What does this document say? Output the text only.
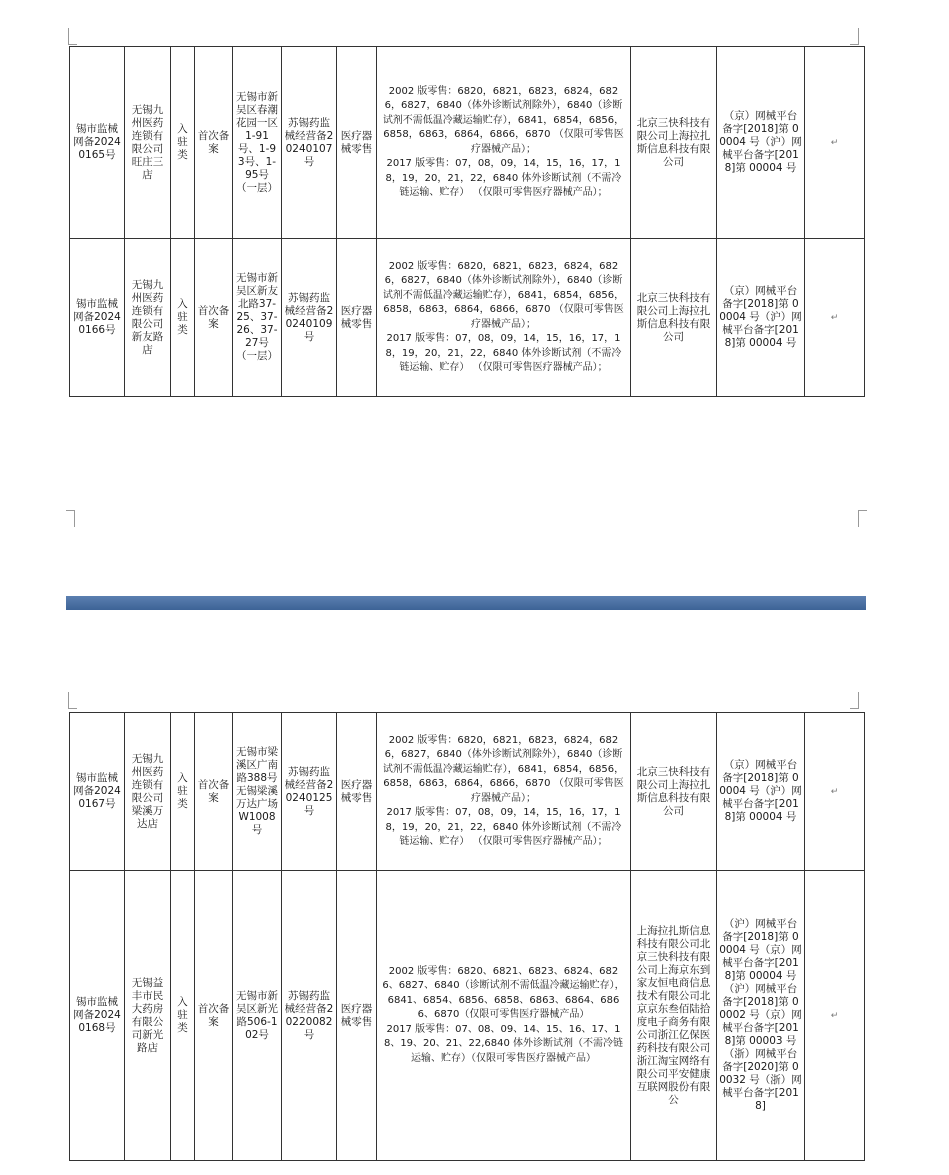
锡市监械网备20240165号	无锡九州医药连锁有限公司旺庄三店	入驻类	首次备案	无锡市新吴区春潮花园一区1-91号、1-93号、1-95号（一层）	苏锡药监械经营备20240107号	医疗器械零售	2002 版零售：6820，6821，6823，6824，6826，6827，6840（体外诊断试剂除外），6840（诊断试剂不需低温冷藏运输贮存），6841，6854，6856，6858，6863，6864，6866，6870 （仅限可零售医疗器械产品）；
2017 版零售：07，08，09，14，15，16，17，18，19，20，21，22，6840 体外诊断试剂（不需冷链运输、贮存） （仅限可零售医疗器械产品）；	北京三快科技有限公司上海拉扎斯信息科技有限公司	（京）网械平台备字[2018]第 00004 号（沪）网械平台备字[2018]第 00004 号	↵
锡市监械网备20240166号	无锡九州医药连锁有限公司新友路店	入驻类	首次备案	无锡市新吴区新友北路37-25、37-26、37-27号（一层）	苏锡药监械经营备20240109号	医疗器械零售	2002 版零售：6820，6821，6823，6824，6826，6827，6840（体外诊断试剂除外），6840（诊断试剂不需低温冷藏运输贮存），6841，6854，6856，6858，6863，6864，6866，6870 （仅限可零售医疗器械产品）；
2017 版零售：07，08，09，14，15，16，17，18，19，20，21，22，6840 体外诊断试剂（不需冷链运输、贮存） （仅限可零售医疗器械产品）；	北京三快科技有限公司上海拉扎斯信息科技有限公司	（京）网械平台备字[2018]第 00004 号（沪）网械平台备字[2018]第 00004 号	↵
锡市监械网备20240167号	无锡九州医药连锁有限公司梁溪万达店	入驻类	首次备案	无锡市梁溪区广南路388号无锡梁溪万达广场W1008号	苏锡药监械经营备20240125号	医疗器械零售	2002 版零售：6820，6821，6823，6824，6826，6827，6840（体外诊断试剂除外），6840（诊断试剂不需低温冷藏运输贮存），6841，6854，6856，6858，6863，6864，6866，6870 （仅限可零售医疗器械产品）；
2017 版零售：07，08，09，14，15，16，17，18，19，20，21，22，6840 体外诊断试剂（不需冷链运输、贮存） （仅限可零售医疗器械产品）；	北京三快科技有限公司上海拉扎斯信息科技有限公司	（京）网械平台备字[2018]第 00004 号（沪）网械平台备字[2018]第 00004 号	↵
锡市监械网备20240168号	无锡益丰市民大药房有限公司新光路店	入驻类	首次备案	无锡市新吴区新光路506-102号	苏锡药监械经营备20220082号	医疗器械零售	2002 版零售：6820、6821、6823、6824、6826、6827、6840（诊断试剂不需低温冷藏运输贮存），6841、6854、6856、6858、6863、6864、6866、6870（仅限可零售医疗器械产品）
2017 版零售：07、08、09、14、15、16、17、18、19、20、21、22,6840 体外诊断试剂（不需冷链运输、贮存）（仅限可零售医疗器械产品）	上海拉扎斯信息科技有限公司北京三快科技有限公司上海京东到家友恒电商信息技术有限公司北京京东叁佰陆拾度电子商务有限公司浙江亿保医药科技有限公司浙江淘宝网络有限公司平安健康互联网股份有限公	（沪）网械平台备字[2018]第 00004 号（京）网械平台备字[2018]第 00004 号（沪）网械平台备字[2018]第 00002 号（京）网械平台备字[2018]第 00003 号（浙）网械平台备字[2020]第 00032 号（浙）网械平台备字[2018]	↵
